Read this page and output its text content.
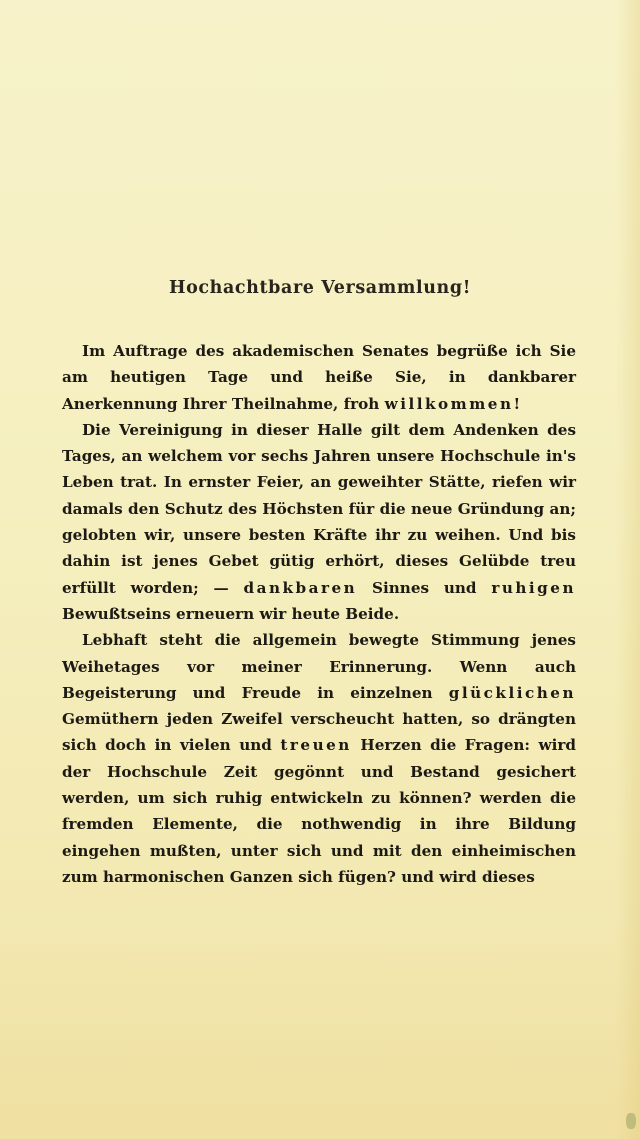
Hochachtbare Versammlung!

Im Auftrage des akademischen Senates begrüße ich Sie am heutigen Tage und heiße Sie, in dankbarer Anerkennung Ihrer Theilnahme, froh willkommen!

Die Vereinigung in dieser Halle gilt dem Andenken des Tages, an welchem vor sechs Jahren unsere Hochschule in's Leben trat. In ernster Feier, an geweihter Stätte, riefen wir damals den Schutz des Höchsten für die neue Gründung an; gelobten wir, unsere besten Kräfte ihr zu weihen. Und bis dahin ist jenes Gebet gütig erhört, dieses Gelübde treu erfüllt worden; — dankbaren Sinnes und ruhigen Bewußtseins erneuern wir heute Beide.

Lebhaft steht die allgemein bewegte Stimmung jenes Weihetages vor meiner Erinnerung. Wenn auch Begeisterung und Freude in einzelnen glücklichen Gemüthern jeden Zweifel verscheucht hatten, so drängten sich doch in vielen und treuen Herzen die Fragen: wird der Hochschule Zeit gegönnt und Bestand gesichert werden, um sich ruhig entwickeln zu können? werden die fremden Elemente, die nothwendig in ihre Bildung eingehen mußten, unter sich und mit den einheimischen zum harmonischen Ganzen sich fügen? und wird dieses
